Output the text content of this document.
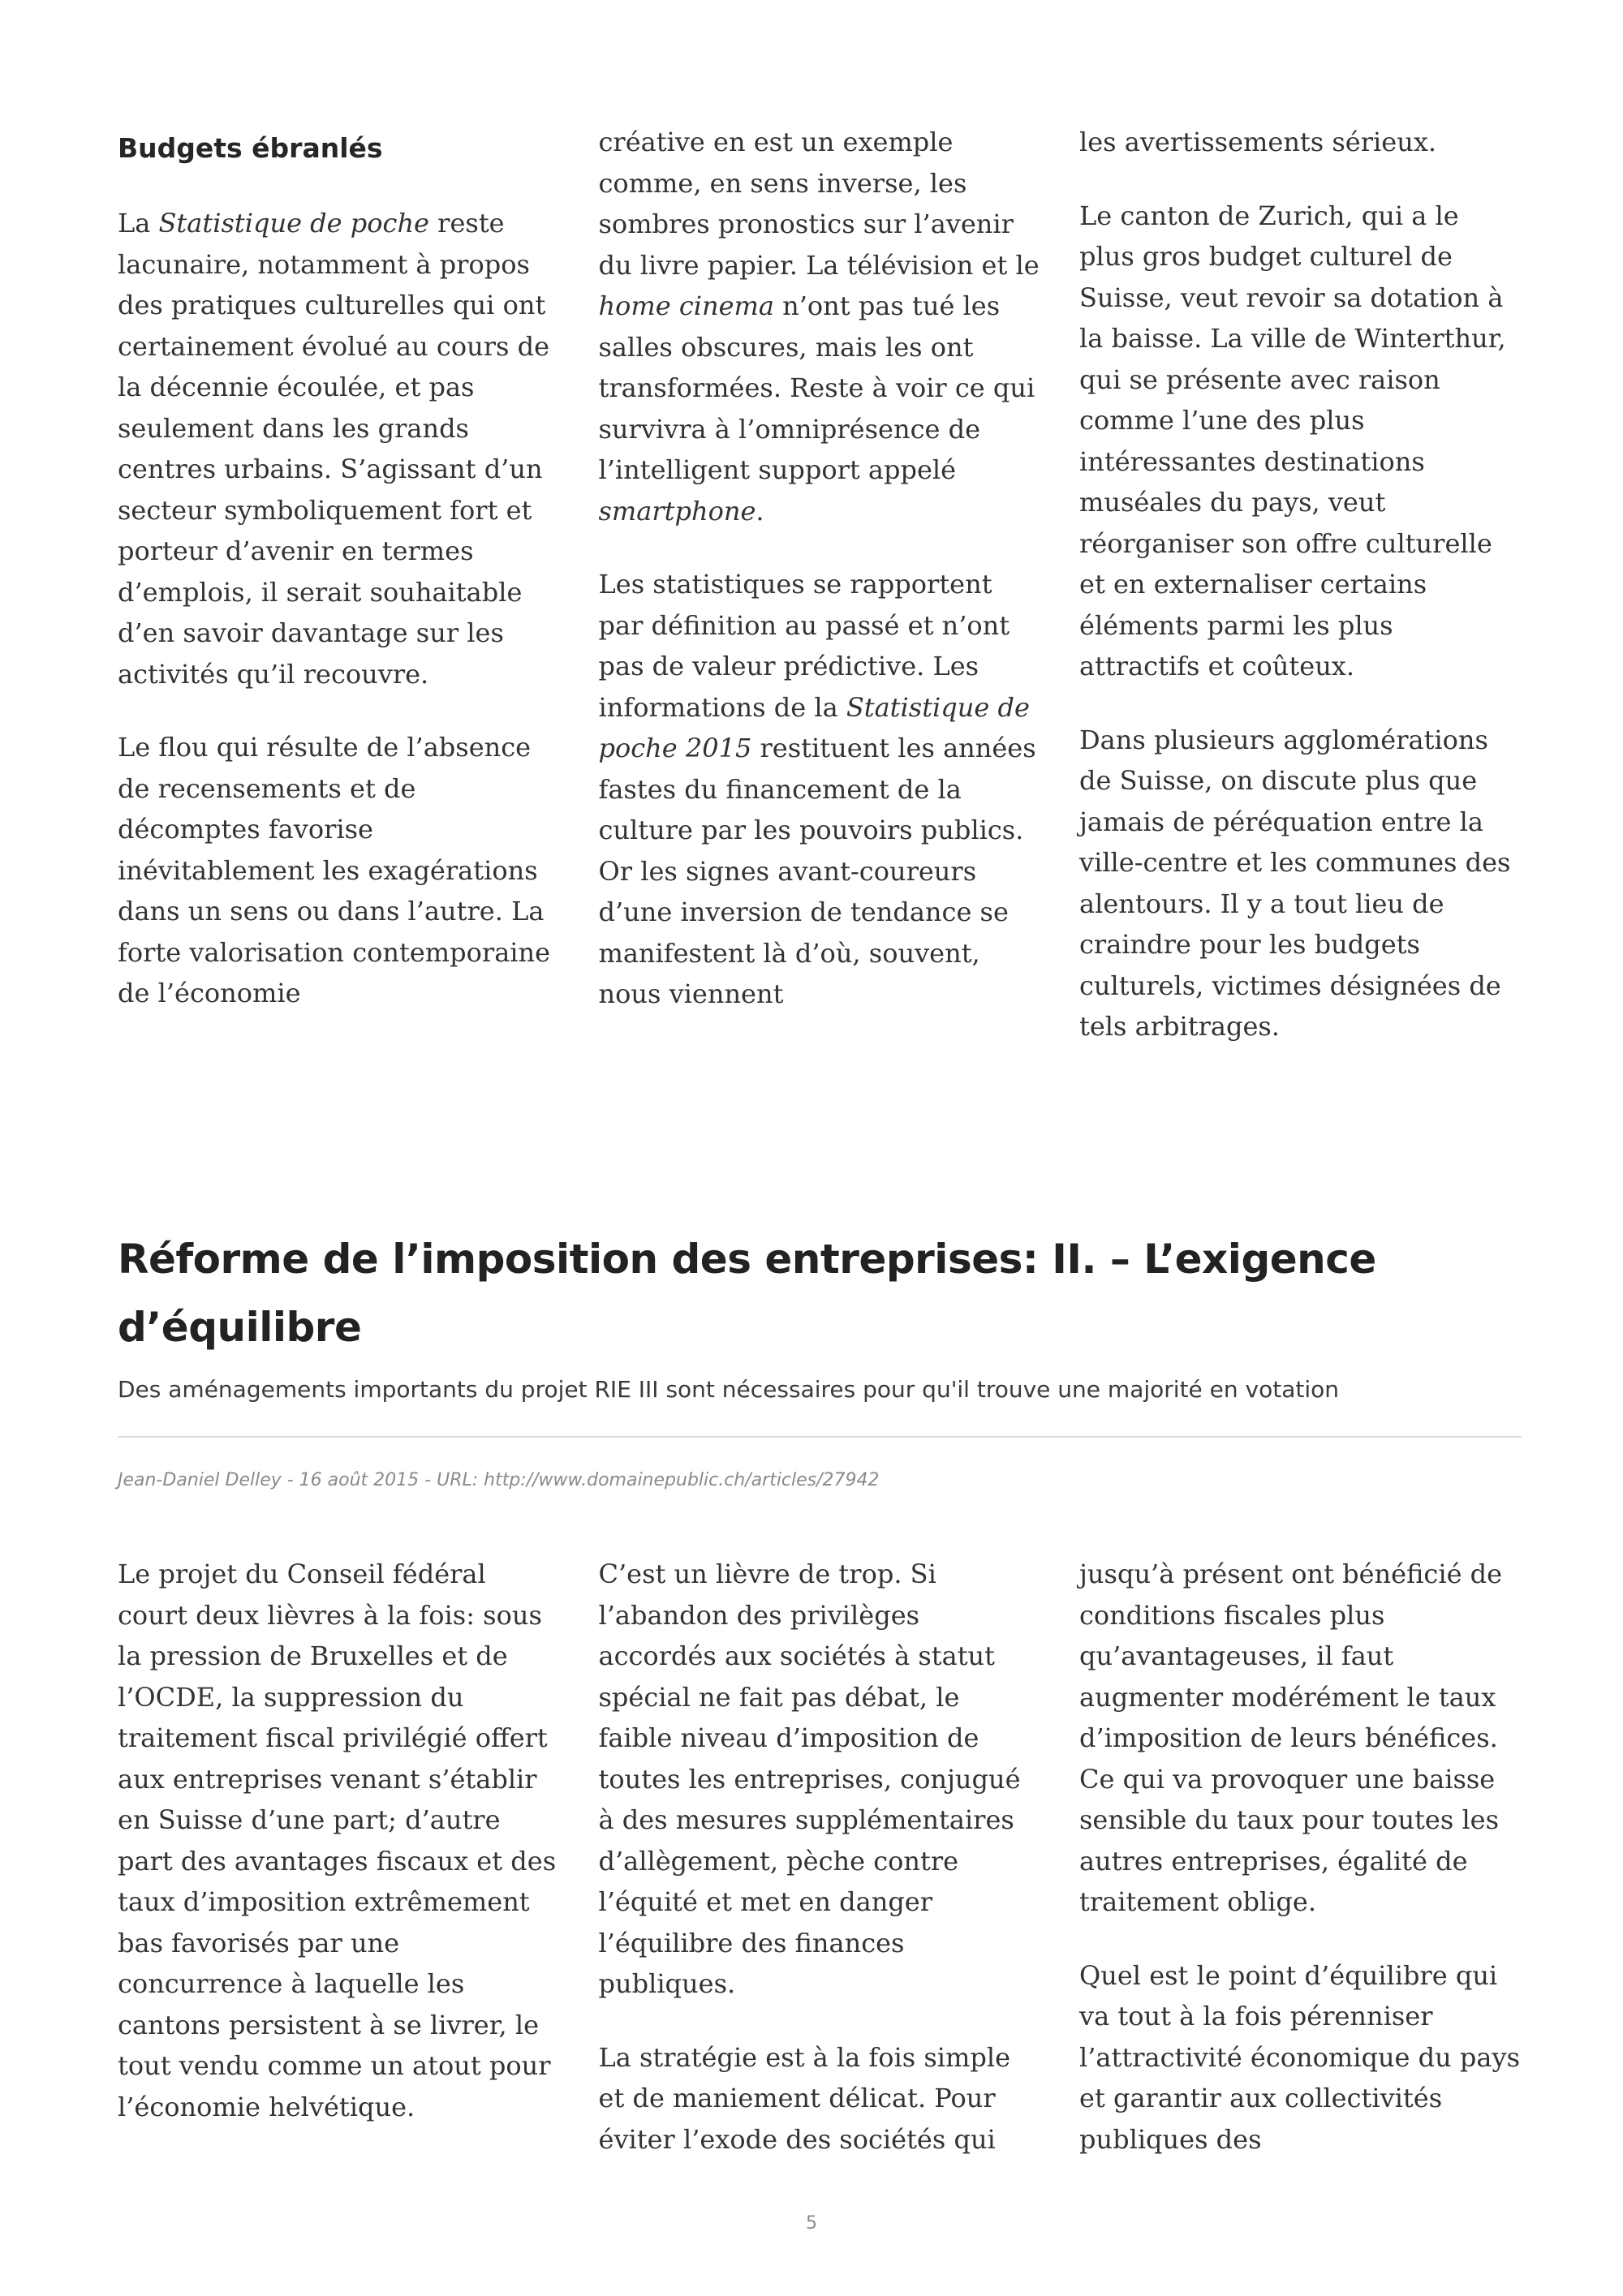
Budgets ébranlés

La Statistique de poche reste lacunaire, notamment à propos des pratiques culturelles qui ont certainement évolué au cours de la décennie écoulée, et pas seulement dans les grands centres urbains. S’agissant d’un secteur symboliquement fort et porteur d’avenir en termes d’emplois, il serait souhaitable d’en savoir davantage sur les activités qu’il recouvre.

Le flou qui résulte de l’absence de recensements et de décomptes favorise inévitablement les exagérations dans un sens ou dans l’autre. La forte valorisation contemporaine de l’économie

créative en est un exemple comme, en sens inverse, les sombres pronostics sur l’avenir du livre papier. La télévision et le home cinema n’ont pas tué les salles obscures, mais les ont transformées. Reste à voir ce qui survivra à l’omniprésence de l’intelligent support appelé smartphone.

Les statistiques se rapportent par définition au passé et n’ont pas de valeur prédictive. Les informations de la Statistique de poche 2015 restituent les années fastes du financement de la culture par les pouvoirs publics. Or les signes avant-coureurs d’une inversion de tendance se manifestent là d’où, souvent, nous viennent

les avertissements sérieux.

Le canton de Zurich, qui a le plus gros budget culturel de Suisse, veut revoir sa dotation à la baisse. La ville de Winterthur, qui se présente avec raison comme l’une des plus intéressantes destinations muséales du pays, veut réorganiser son offre culturelle et en externaliser certains éléments parmi les plus attractifs et coûteux.

Dans plusieurs agglomérations de Suisse, on discute plus que jamais de péréquation entre la ville-centre et les communes des alentours. Il y a tout lieu de craindre pour les budgets culturels, victimes désignées de tels arbitrages.

Réforme de l’imposition des entreprises: II. – L’exigence d’équilibre

Des aménagements importants du projet RIE III sont nécessaires pour qu'il trouve une majorité en votation

Jean-Daniel Delley - 16 août 2015 - URL: http://www.domainepublic.ch/articles/27942

Le projet du Conseil fédéral court deux lièvres à la fois: sous la pression de Bruxelles et de l’OCDE, la suppression du traitement fiscal privilégié offert aux entreprises venant s’établir en Suisse d’une part; d’autre part des avantages fiscaux et des taux d’imposition extrêmement bas favorisés par une concurrence à laquelle les cantons persistent à se livrer, le tout vendu comme un atout pour l’économie helvétique.

C’est un lièvre de trop. Si l’abandon des privilèges accordés aux sociétés à statut spécial ne fait pas débat, le faible niveau d’imposition de toutes les entreprises, conjugué à des mesures supplémentaires d’allègement, pèche contre l’équité et met en danger l’équilibre des finances publiques.

La stratégie est à la fois simple et de maniement délicat. Pour éviter l’exode des sociétés qui

jusqu’à présent ont bénéficié de conditions fiscales plus qu’avantageuses, il faut augmenter modérément le taux d’imposition de leurs bénéfices. Ce qui va provoquer une baisse sensible du taux pour toutes les autres entreprises, égalité de traitement oblige.

Quel est le point d’équilibre qui va tout à la fois pérenniser l’attractivité économique du pays et garantir aux collectivités publiques des

5
